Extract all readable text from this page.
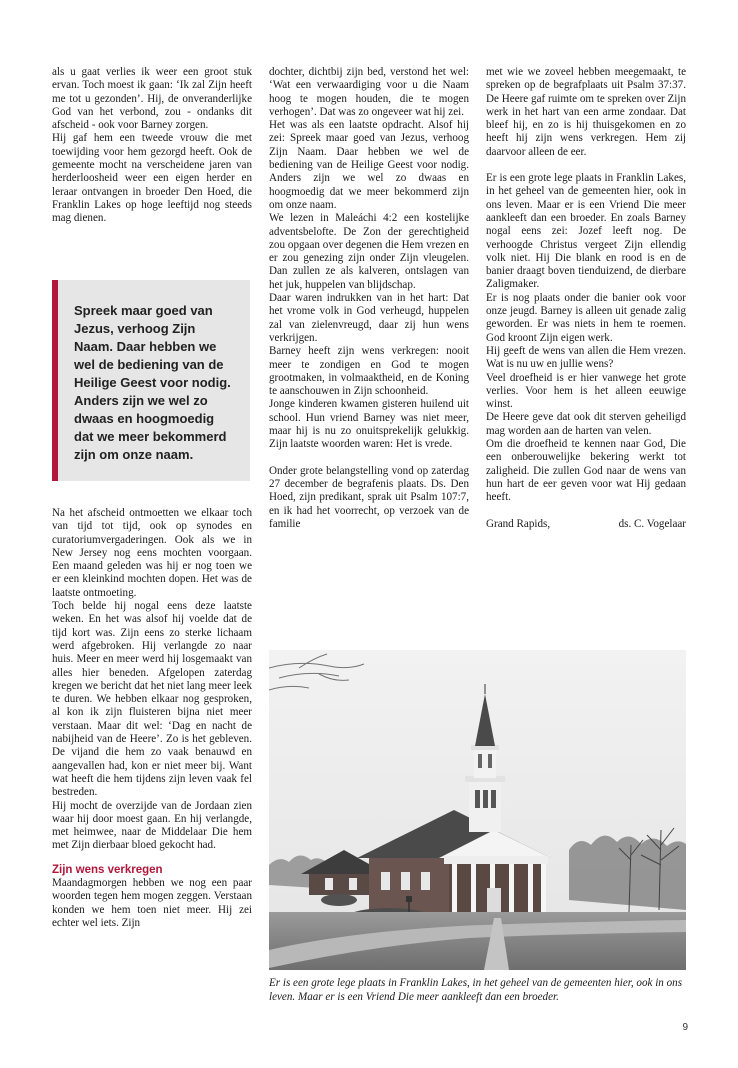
als u gaat verlies ik weer een groot stuk ervan. Toch moest ik gaan: ‘Ik zal Zijn heeft me tot u gezonden’. Hij, de onveranderlijke God van het verbond, zou - ondanks dit afscheid - ook voor Barney zorgen.

Hij gaf hem een tweede vrouw die met toewijding voor hem gezorgd heeft. Ook de gemeente mocht na verscheidene jaren van herderloosheid weer een eigen herder en leraar ontvangen in broeder Den Hoed, die Franklin Lakes op hoge leeftijd nog steeds mag dienen.

Spreek maar goed van Jezus, verhoog Zijn Naam. Daar hebben we wel de bediening van de Heilige Geest voor nodig. Anders zijn we wel zo dwaas en hoogmoedig dat we meer bekommerd zijn om onze naam.

Na het afscheid ontmoetten we elkaar toch van tijd tot tijd, ook op synodes en curatoriumvergaderingen. Ook als we in New Jersey nog eens mochten voorgaan. Een maand geleden was hij er nog toen we er een kleinkind mochten dopen. Het was de laatste ontmoeting.

Toch belde hij nogal eens deze laatste weken. En het was alsof hij voelde dat de tijd kort was. Zijn eens zo sterke lichaam werd afgebroken. Hij verlangde zo naar huis. Meer en meer werd hij losgemaakt van alles hier beneden. Afgelopen zaterdag kregen we bericht dat het niet lang meer leek te duren. We hebben elkaar nog gesproken, al kon ik zijn fluisteren bijna niet meer verstaan. Maar dit wel: ‘Dag en nacht de nabijheid van de Heere’. Zo is het gebleven. De vijand die hem zo vaak benauwd en aangevallen had, kon er niet meer bij. Want wat heeft die hem tijdens zijn leven vaak fel bestreden.

Hij mocht de overzijde van de Jordaan zien waar hij door moest gaan. En hij verlangde, met heimwee, naar de Middelaar Die hem met Zijn dierbaar bloed gekocht had.

Zijn wens verkregen

Maandagmorgen hebben we nog een paar woorden tegen hem mogen zeggen. Verstaan konden we hem toen niet meer. Hij zei echter wel iets. Zijn

dochter, dichtbij zijn bed, verstond het wel: ‘Wat een verwaardiging voor u die Naam hoog te mogen houden, die te mogen verhogen’. Dat was zo ongeveer wat hij zei.

Het was als een laatste opdracht. Alsof hij zei: Spreek maar goed van Jezus, verhoog Zijn Naam. Daar hebben we wel de bediening van de Heilige Geest voor nodig. Anders zijn we wel zo dwaas en hoogmoedig dat we meer bekommerd zijn om onze naam.

We lezen in Maleáchi 4:2 een kostelijke adventsbelofte. De Zon der gerechtigheid zou opgaan over degenen die Hem vrezen en er zou genezing zijn onder Zijn vleugelen. Dan zullen ze als kalveren, ontslagen van het juk, huppelen van blijdschap.

Daar waren indrukken van in het hart: Dat het vrome volk in God verheugd, huppelen zal van zielenvreugd, daar zij hun wens verkrijgen.

Barney heeft zijn wens verkregen: nooit meer te zondigen en God te mogen grootmaken, in volmaaktheid, en de Koning te aanschouwen in Zijn schoonheid.

Jonge kinderen kwamen gisteren huilend uit school. Hun vriend Barney was niet meer, maar hij is nu zo onuitsprekelijk gelukkig. Zijn laatste woorden waren: Het is vrede.

Onder grote belangstelling vond op zaterdag 27 december de begrafenis plaats. Ds. Den Hoed, zijn predikant, sprak uit Psalm 107:7, en ik had het voorrecht, op verzoek van de familie

met wie we zoveel hebben meegemaakt, te spreken op de begrafplaats uit Psalm 37:37. De Heere gaf ruimte om te spreken over Zijn werk in het hart van een arme zondaar. Dat bleef hij, en zo is hij thuisgekomen en zo heeft hij zijn wens verkregen. Hem zij daarvoor alleen de eer.

Er is een grote lege plaats in Franklin Lakes, in het geheel van de gemeenten hier, ook in ons leven. Maar er is een Vriend Die meer aankleeft dan een broeder. En zoals Barney nogal eens zei: Jozef leeft nog. De verhoogde Christus vergeet Zijn ellendig volk niet. Hij Die blank en rood is en de banier draagt boven tienduizend, de dierbare Zaligmaker.

Er is nog plaats onder die banier ook voor onze jeugd. Barney is alleen uit genade zalig geworden. Er was niets in hem te roemen. God kroont Zijn eigen werk.

Hij geeft de wens van allen die Hem vrezen. Wat is nu uw en jullie wens?

Veel droefheid is er hier vanwege het grote verlies. Voor hem is het alleen eeuwige winst.

De Heere geve dat ook dit sterven geheiligd mag worden aan de harten van velen.

Om die droefheid te kennen naar God, Die een onberouwelijke bekering werkt tot zaligheid. Die zullen God naar de wens van hun hart de eer geven voor wat Hij gedaan heeft.

Grand Rapids,	ds. C. Vogelaar

Er is een grote lege plaats in Franklin Lakes, in het geheel van de gemeenten hier, ook in ons leven. Maar er is een Vriend Die meer aankleeft dan een broeder.
9
